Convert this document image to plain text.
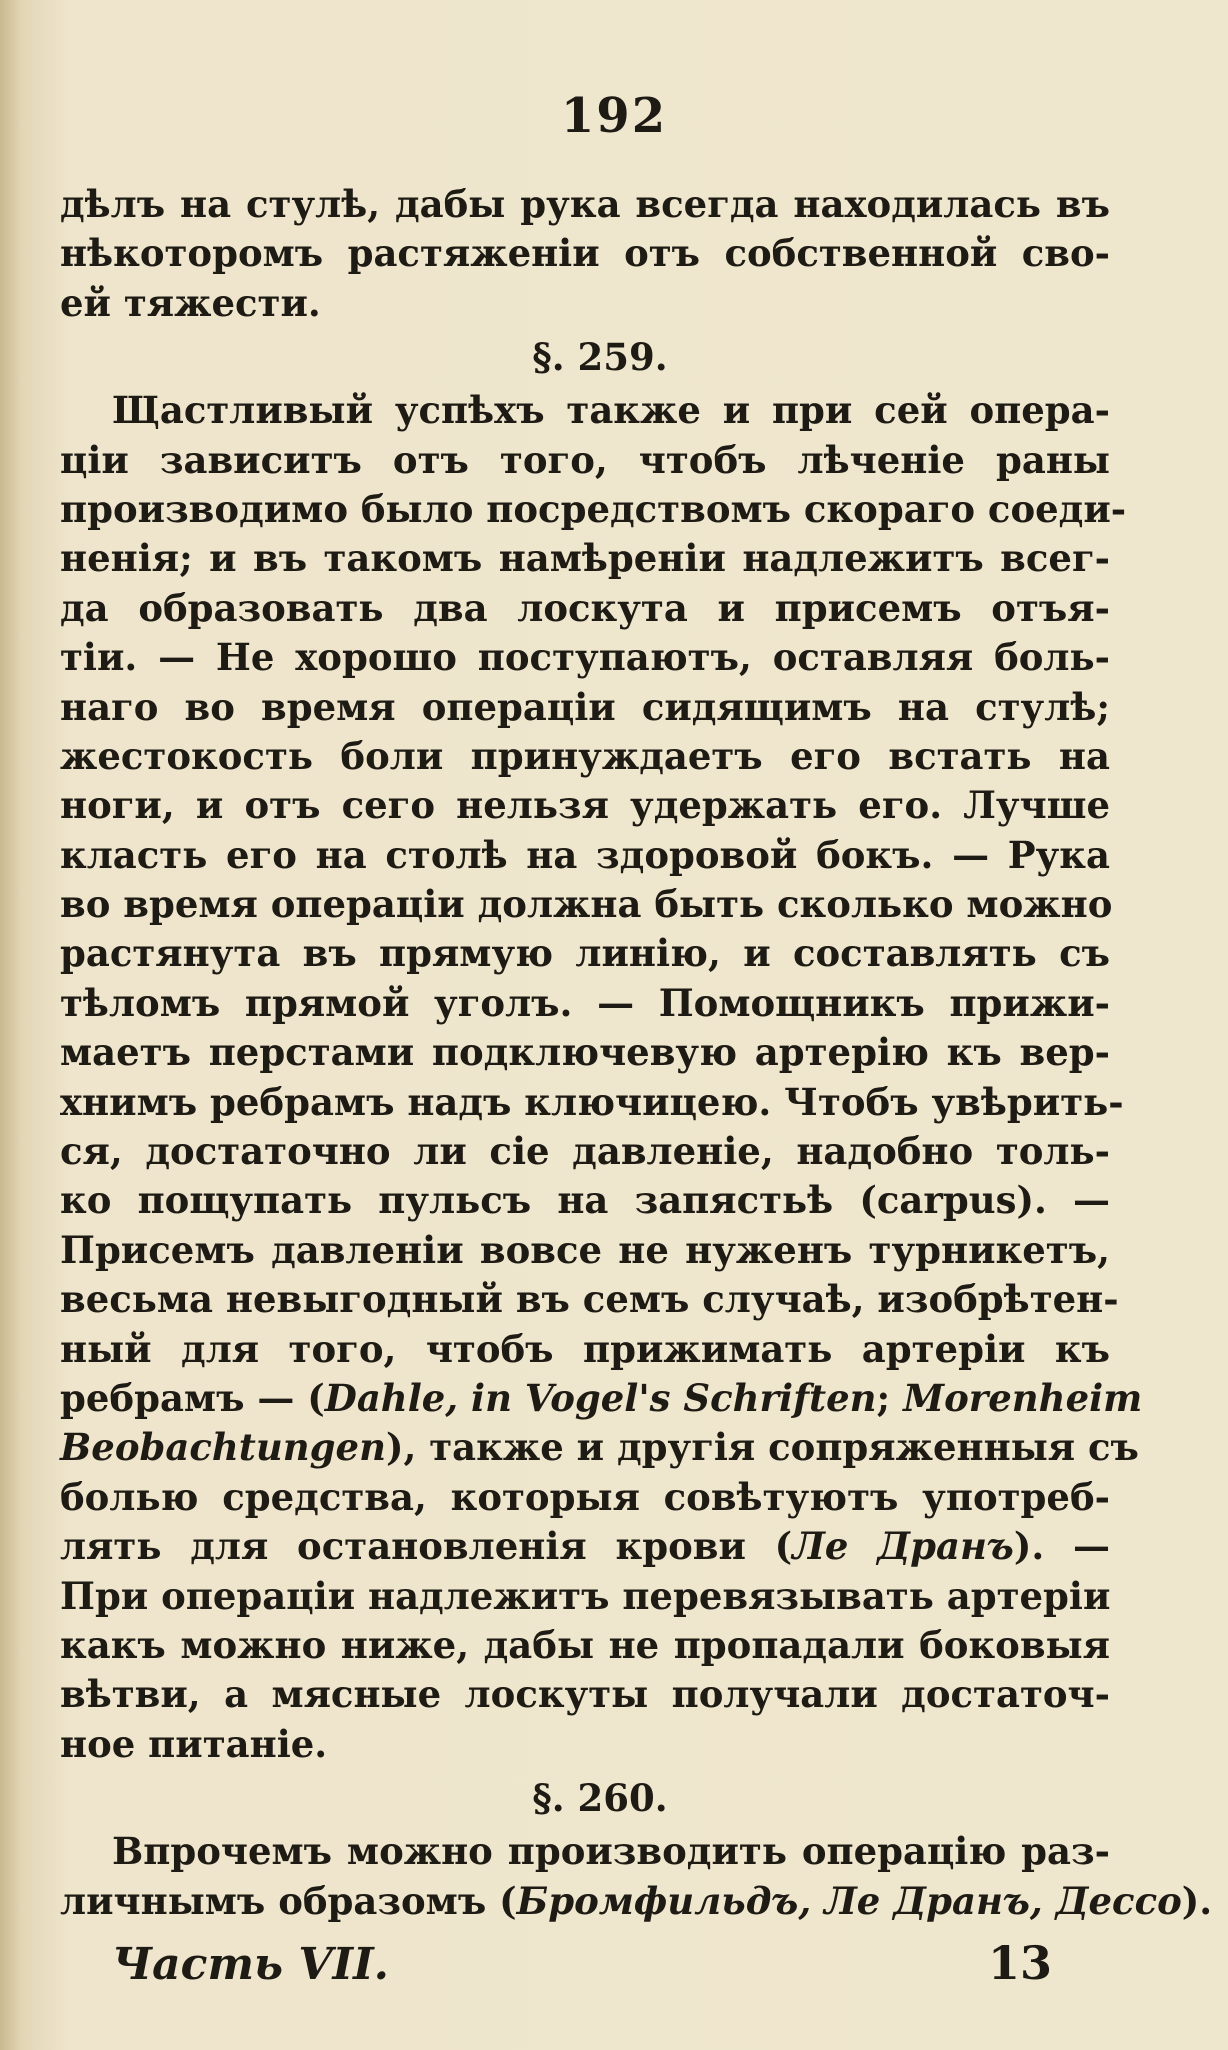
192
дѣлъ на стулѣ, дабы рука всегда находилась въ
нѣкоторомъ растяженіи отъ собственной сво-
ей тяжести.
§. 259.
Щастливый успѣхъ также и при сей опера-
ціи зависитъ отъ того, чтобъ лѣченіе раны
производимо было посредствомъ скораго соеди-
ненія; и въ такомъ намѣреніи надлежитъ всег-
да образовать два лоскута и присемъ отъя-
тіи. — Не хорошо поступаютъ, оставляя боль-
наго во время операціи сидящимъ на стулѣ;
жестокость боли принуждаетъ его встать на
ноги, и отъ сего нельзя удержать его. Лучше
класть его на столѣ на здоровой бокъ. — Рука
во время операціи должна быть сколько можно
растянута въ прямую линію, и составлять съ
тѣломъ прямой уголъ. — Помощникъ прижи-
маетъ перстами подключевую артерію къ вер-
хнимъ ребрамъ надъ ключицею. Чтобъ увѣрить-
ся, достаточно ли сіе давленіе, надобно толь-
ко пощупать пульсъ на запястьѣ (carpus). —
Присемъ давленіи вовсе не нуженъ турникетъ,
весьма невыгодный въ семъ случаѣ, изобрѣтен-
ный для того, чтобъ прижимать артеріи къ
ребрамъ — (Dahle, in Vogel's Schriften; Morenheim
Beobachtungen), также и другія сопряженныя съ
болью средства, которыя совѣтуютъ употреб-
лять для остановленія крови (Ле Дранъ). —
При операціи надлежитъ перевязывать артеріи
какъ можно ниже, дабы не пропадали боковыя
вѣтви, а мясные лоскуты получали достаточ-
ное питаніе.
§. 260.
Впрочемъ можно производить операцію раз-
личнымъ образомъ (Бромфильдъ, Ле Дранъ, Дессо).
Часть VII.	13
